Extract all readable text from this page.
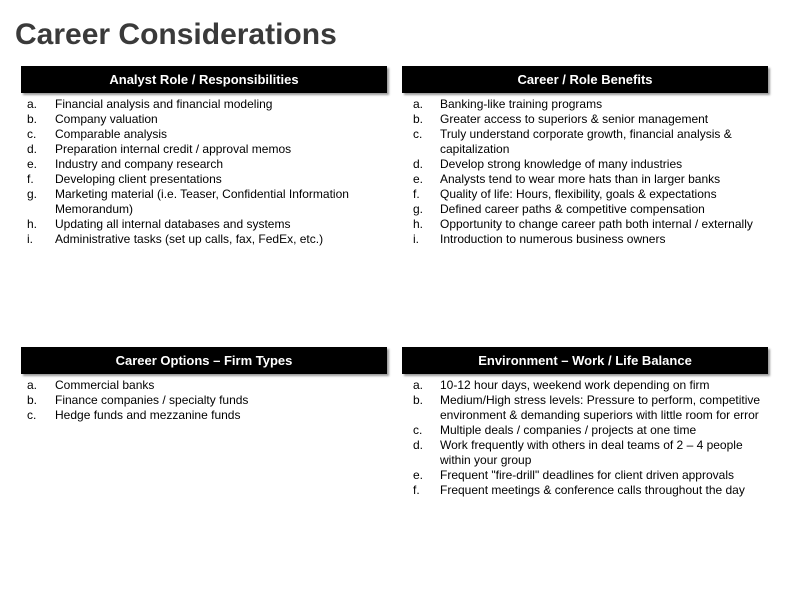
Career Considerations
Analyst Role / Responsibilities
a. Financial analysis and financial modeling
b. Company valuation
c. Comparable analysis
d. Preparation internal credit / approval memos
e. Industry and company research
f. Developing client presentations
g. Marketing material (i.e. Teaser, Confidential Information Memorandum)
h. Updating all internal databases and systems
i. Administrative tasks (set up calls, fax, FedEx, etc.)
Career / Role Benefits
a. Banking-like training programs
b. Greater access to superiors & senior management
c. Truly understand corporate growth, financial analysis & capitalization
d. Develop strong knowledge of many industries
e. Analysts tend to wear more hats than in larger banks
f. Quality of life: Hours, flexibility, goals & expectations
g. Defined career paths & competitive compensation
h. Opportunity to change career path both internal / externally
i. Introduction to numerous business owners
Career Options – Firm Types
a. Commercial banks
b. Finance companies / specialty funds
c. Hedge funds and mezzanine funds
Environment – Work / Life Balance
a. 10-12 hour days, weekend work depending on firm
b. Medium/High stress levels: Pressure to perform, competitive environment & demanding superiors with little room for error
c. Multiple deals / companies / projects at one time
d. Work frequently with others in deal teams of 2 – 4 people within your group
e. Frequent "fire-drill" deadlines for client driven approvals
f. Frequent meetings & conference calls throughout the day
